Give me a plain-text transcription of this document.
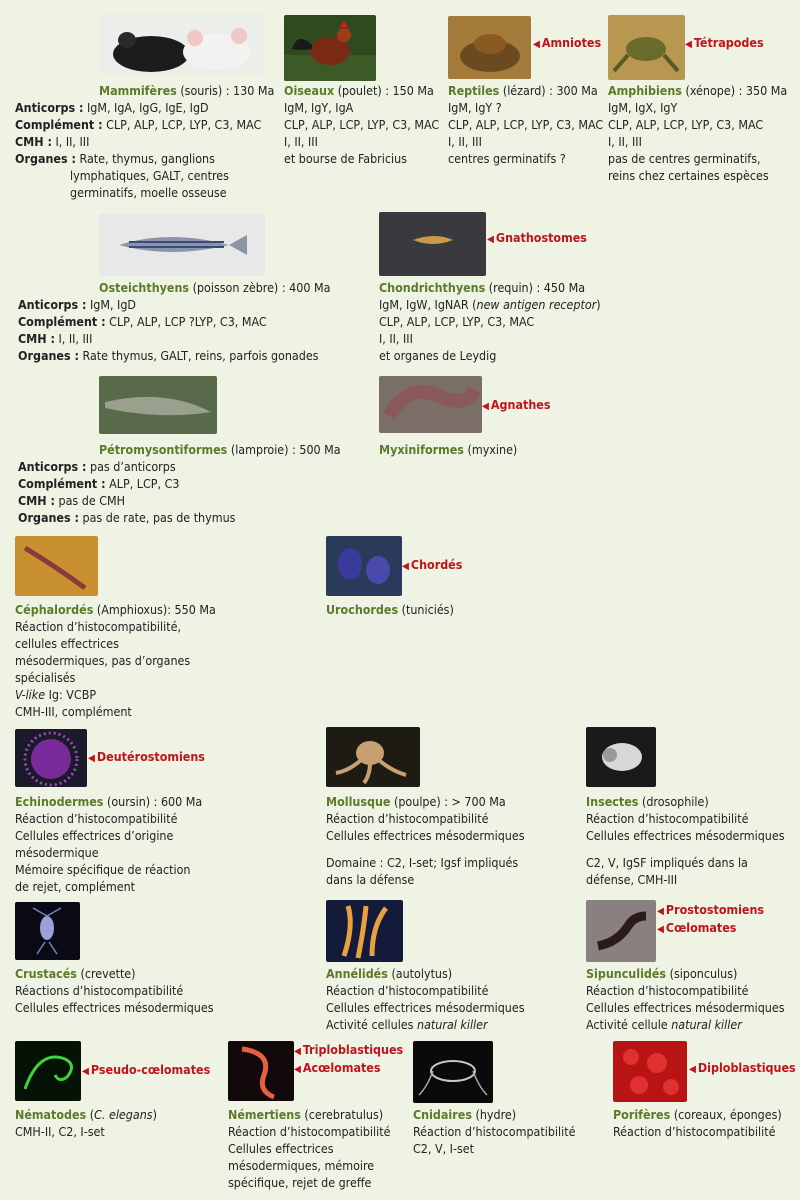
◀ Amniotes	◀ Tétrapodes
Mammifères (souris) : 130 Ma
Anticorps : IgM, IgA, IgG, IgE, IgD
Complément : CLP, ALP, LCP, LYP, C3, MAC
CMH : I, II, III
Organes : Rate, thymus, ganglions
lymphatiques, GALT, centres
germinatifs, moelle osseuse
Oiseaux (poulet) : 150 Ma
IgM, IgY, IgA
CLP, ALP, LCP, LYP, C3, MAC
I, II, III
et bourse de Fabricius
Reptiles (lézard) : 300 Ma
IgM, IgY ?
CLP, ALP, LCP, LYP, C3, MAC
I, II, III
centres germinatifs ?
Amphibiens (xénope) : 350 Ma
IgM, IgX, IgY
CLP, ALP, LCP, LYP, C3, MAC
I, II, III
pas de centres germinatifs,
reins chez certaines espèces
◀ Gnathostomes
Osteichthyens (poisson zèbre) : 400 Ma
Anticorps : IgM, IgD
Complément : CLP, ALP, LCP ?LYP, C3, MAC
CMH : I, II, III
Organes : Rate thymus, GALT, reins, parfois gonades
Chondrichthyens (requin) : 450 Ma
IgM, IgW, IgNAR (new antigen receptor)
CLP, ALP, LCP, LYP, C3, MAC
I, II, III
et organes de Leydig
◀ Agnathes
Pétromysontiformes (lamproie) : 500 Ma
Anticorps : pas d’anticorps
Complément : ALP, LCP, C3
CMH : pas de CMH
Organes : pas de rate, pas de thymus
Myxiniformes (myxine)
◀ Chordés
Céphalordés (Amphioxus): 550 Ma
Réaction d’histocompatibilité,
cellules effectrices
mésodermiques, pas d’organes
spécialisés
V-like Ig: VCBP
CMH-III, complément
Urochordes (tuniciés)
◀ Deutérostomiens
Echinodermes (oursin) : 600 Ma
Réaction d’histocompatibilité
Cellules effectrices d’origine
mésodermique
Mémoire spécifique de réaction
de rejet, complément
Mollusque (poulpe) : > 700 Ma
Réaction d’histocompatibilité
Cellules effectrices mésodermiques
Domaine : C2, I-set; Igsf impliqués
dans la défense
Insectes (drosophile)
Réaction d’histocompatibilité
Cellules effectrices mésodermiques
C2, V, IgSF impliqués dans la
défense, CMH-III
◀ Prostostomiens
◀ Cœlomates
Crustacés (crevette)
Réactions d’histocompatibilité
Cellules effectrices mésodermiques
Annélidés (autolytus)
Réaction d’histocompatibilité
Cellules effectrices mésodermiques
Activité cellules natural killer
Sipunculidés (siponculus)
Réaction d’histocompatibilité
Cellules effectrices mésodermiques
Activité cellule natural killer
◀ Pseudo-cœlomates
◀ Triploblastiques
◀ Acœlomates	◀ Diploblastiques
Nématodes (C. elegans)
CMH-II, C2, I-set
Némertiens (cerebratulus)
Réaction d’histocompatibilité
Cellules effectrices
mésodermiques, mémoire
spécifique, rejet de greffe
Cnidaires (hydre)
Réaction d’histocompatibilité
C2, V, I-set
Porifères (coreaux, éponges)
Réaction d’histocompatibilité
